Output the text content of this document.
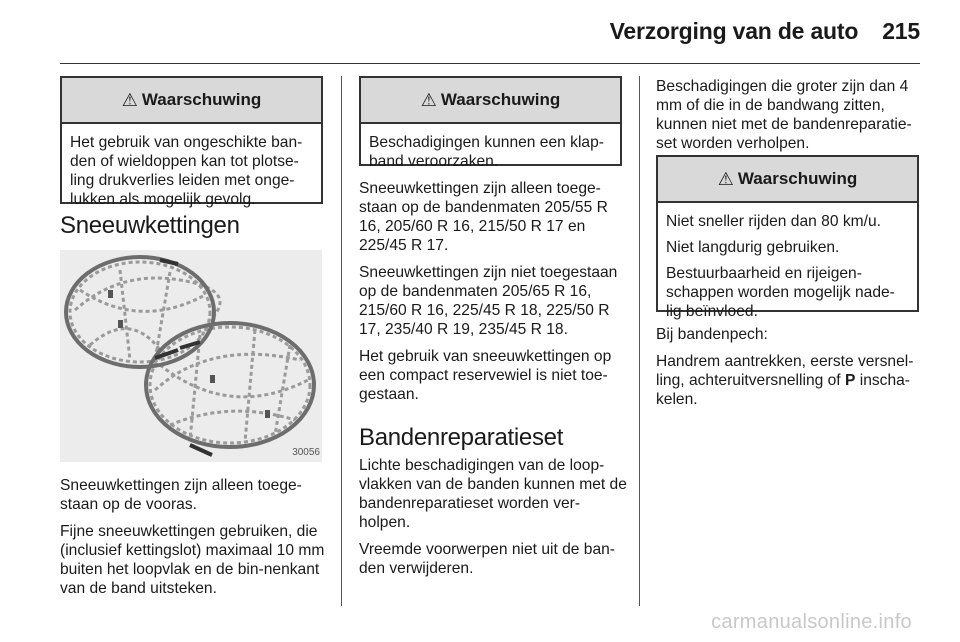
Verzorging van de auto 215
⚠ Waarschuwing

Het gebruik van ongeschikte ban-den of wieldoppen kan tot plotse-ling drukverlies leiden met onge-lukken als mogelijk gevolg.

Sneeuwkettingen
30056

Sneeuwkettingen zijn alleen toege-staan op de vooras.

Fijne sneeuwkettingen gebruiken, die (inclusief kettingslot) maximaal 10 mm buiten het loopvlak en de bin-nenkant van de band uitsteken.

⚠ Waarschuwing

Beschadigingen kunnen een klap-band veroorzaken.

Sneeuwkettingen zijn alleen toege-staan op de bandenmaten 205/55 R 16, 205/60 R 16, 215/50 R 17 en 225/45 R 17.

Sneeuwkettingen zijn niet toegestaan op de bandenmaten 205/65 R 16, 215/60 R 16, 225/45 R 18, 225/50 R 17, 235/40 R 19, 235/45 R 18.

Het gebruik van sneeuwkettingen op een compact reservewiel is niet toe-gestaan.

Bandenreparatieset

Lichte beschadigingen van de loop-vlakken van de banden kunnen met de bandenreparatieset worden ver-holpen.

Vreemde voorwerpen niet uit de ban-den verwijderen.

Beschadigingen die groter zijn dan 4 mm of die in de bandwang zitten, kunnen niet met de bandenreparatie-set worden verholpen.

⚠ Waarschuwing

Niet sneller rijden dan 80 km/u.

Niet langdurig gebruiken.

Bestuurbaarheid en rijeigen-schappen worden mogelijk nade-lig beïnvloed.

Bij bandenpech:

Handrem aantrekken, eerste versnel-ling, achteruitversnelling of P inscha-kelen.

carmanualsonline.info
